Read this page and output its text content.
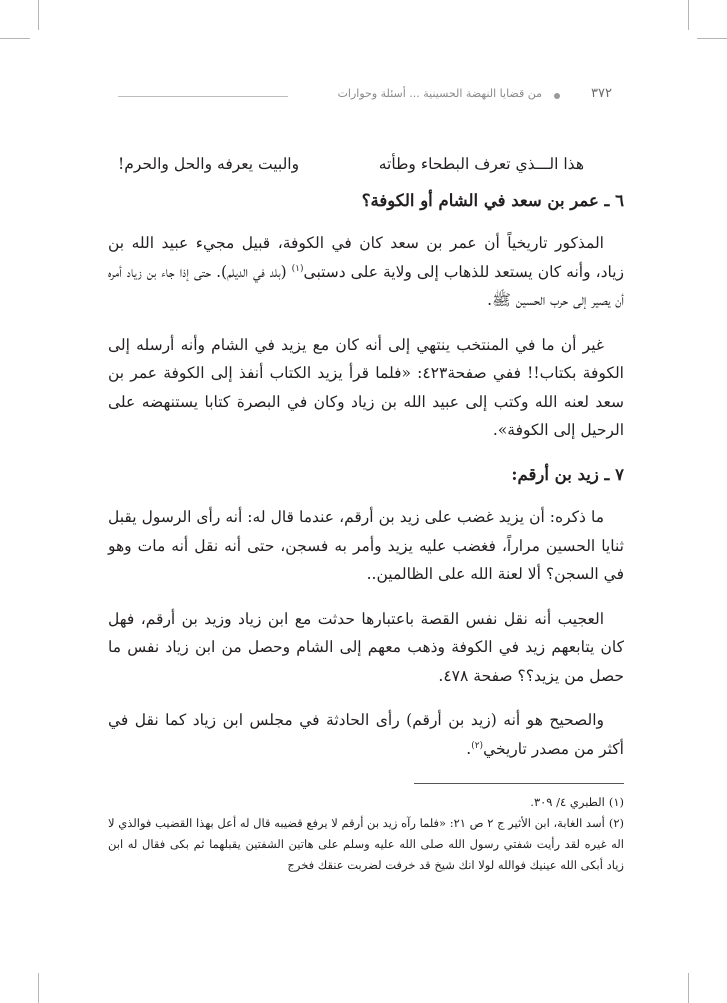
٣٧٢
من قضايا النهضة الحسينية ... أسئلة وحوارات
هذا الـــذي تعرف البطحاء وطأته
والبيت يعرفه والحل والحرم!
٦ ـ عمر بن سعد في الشام أو الكوفة؟

المذكور تاريخياً أن عمر بن سعد كان في الكوفة، قبيل مجيء عبيد الله بن زياد، وأنه كان يستعد للذهاب إلى ولاية على دستبى$^{(١)}$ (بلد في الديلم). حتى إذا جاء بن زياد أمره أن يصير إلى حرب الحسين ﷺ.

غير أن ما في المنتخب ينتهي إلى أنه كان مع يزيد في الشام وأنه أرسله إلى الكوفة بكتاب!! ففي صفحة٤٢٣: «فلما قرأ يزيد الكتاب أنفذ إلى الكوفة عمر بن سعد لعنه الله وكتب إلى عبيد الله بن زياد وكان في البصرة كتابا يستنهضه على الرحيل إلى الكوفة».

٧ ـ زيد بن أرقم:

ما ذكره: أن يزيد غضب على زيد بن أرقم، عندما قال له: أنه رأى الرسول يقبل ثنايا الحسين مراراً، فغضب عليه يزيد وأمر به فسجن، حتى أنه نقل أنه مات وهو في السجن؟ ألا لعنة الله على الظالمين..

العجيب أنه نقل نفس القصة باعتبارها حدثت مع ابن زياد وزيد بن أرقم، فهل كان يتابعهم زيد في الكوفة وذهب معهم إلى الشام وحصل من ابن زياد نفس ما حصل من يزيد؟؟ صفحة ٤٧٨.

والصحيح هو أنه (زيد بن أرقم) رأى الحادثة في مجلس ابن زياد كما نقل في أكثر من مصدر تاريخي$^{(٢)}$.

(١)الطبري ٤/ ٣٠٩.

(٢)أسد الغابة، ابن الأثير ج ٢ ص ٢١: «فلما رآه زيد بن أرقم لا يرفع قضيبه قال له أعل بهذا القضيب فوالذي لا اله غيره لقد رأيت شفتي رسول الله صلى الله عليه وسلم على هاتين الشفتين يقبلهما ثم بكى فقال له ابن زياد أبكى الله عينيك فوالله لولا انك شيخ قد خرفت لضربت عنقك فخرج
